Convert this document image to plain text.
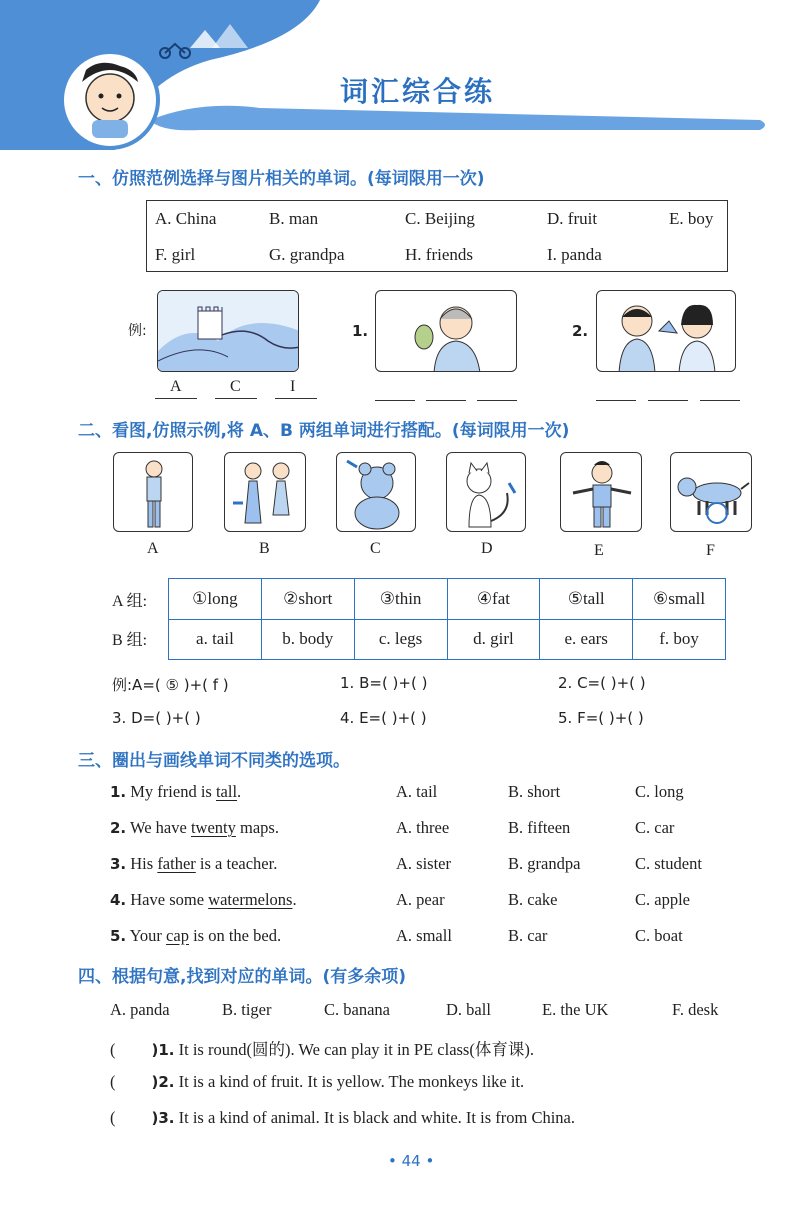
词汇综合练
一、仿照范例选择与图片相关的单词。(每词限用一次)
A. China	B. man	C. Beijing	D. fruit	E. boy
F. girl	G. grandpa	H. friends	I. panda
例:
A	C	I
1.	2.
二、看图,仿照示例,将 A、B 两组单词进行搭配。(每词限用一次)
A	B	C	D	E	F
A 组:
B 组:
①long	②short	③thin	④fat	⑤tall	⑥small
a. tail	b. body	c. legs	d. girl	e. ears	f. boy
例:A=( ⑤ )+( f )	1. B=( )+( )	2. C=( )+( )
3. D=( )+( )	4. E=( )+( )	5. F=( )+( )
三、圈出与画线单词不同类的选项。
1. My friend is tall.	A. tail	B. short	C. long
2. We have twenty maps.	A. three	B. fifteen	C. car
3. His father is a teacher.	A. sister	B. grandpa	C. student
4. Have some watermelons.	A. pear	B. cake	C. apple
5. Your cap is on the bed.	A. small	B. car	C. boat
四、根据句意,找到对应的单词。(有多余项)
A. panda	B. tiger	C. banana	D. ball	E. the UK	F. desk
( )1. It is round(圆的). We can play it in PE class(体育课).
( )2. It is a kind of fruit. It is yellow. The monkeys like it.
( )3. It is a kind of animal. It is black and white. It is from China.
• 44 •
